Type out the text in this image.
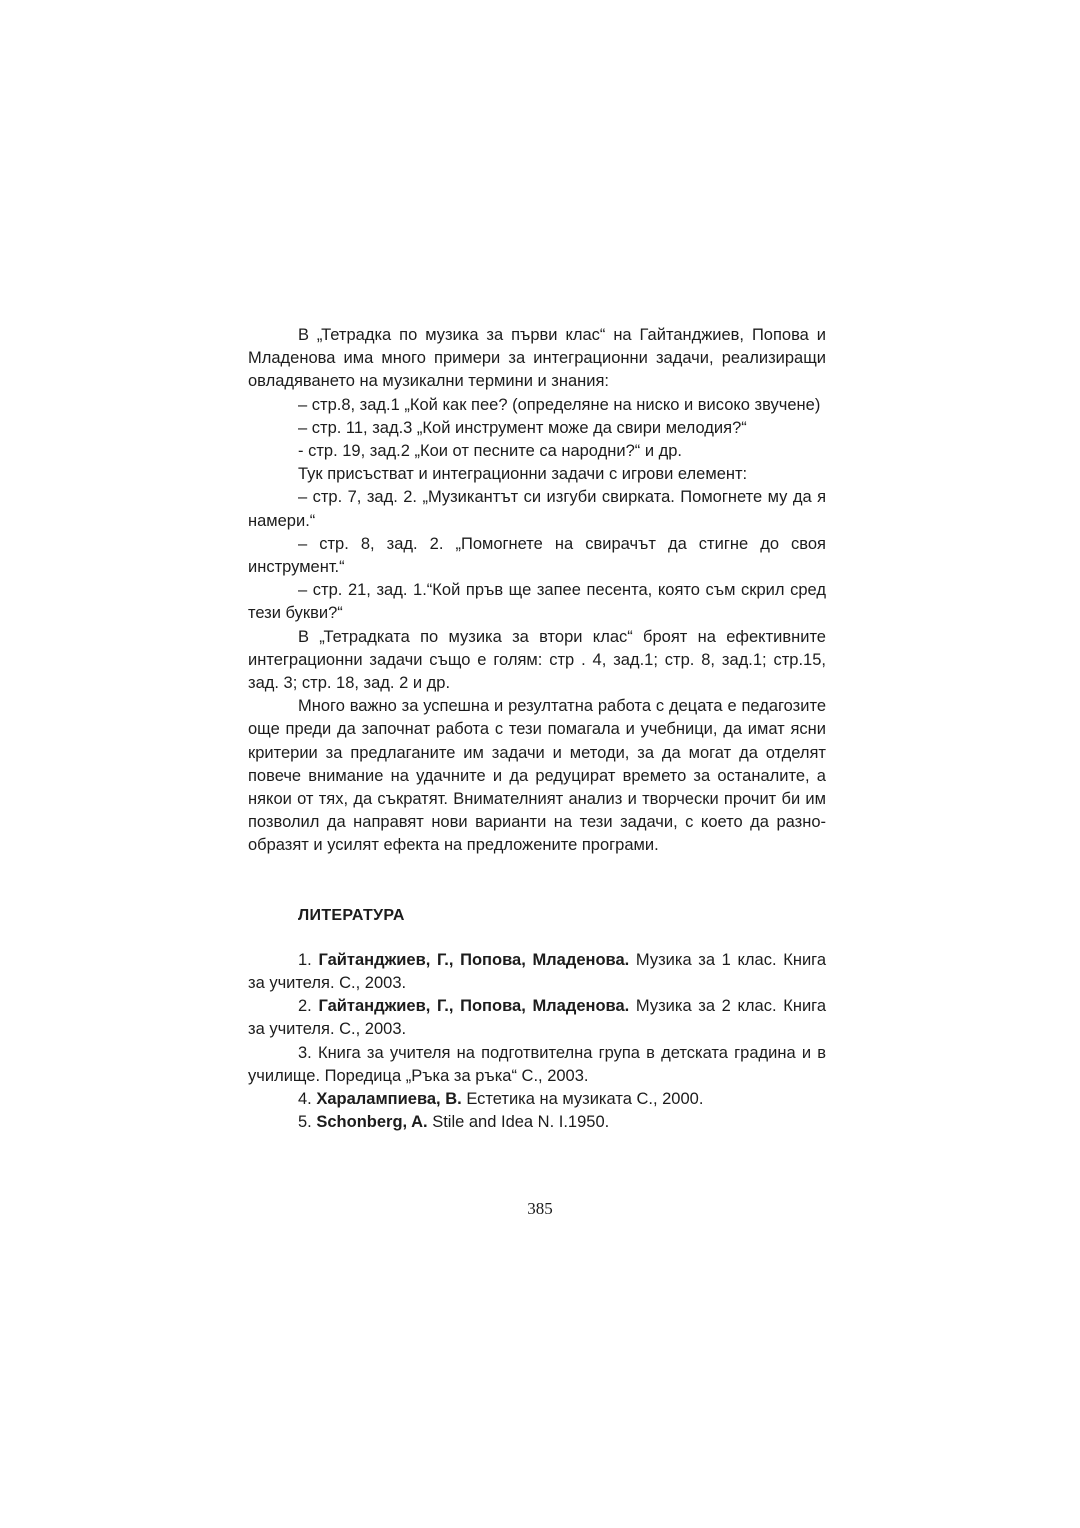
В „Тетрадка по музика за първи клас“ на Гайтанджиев, Попова и Младенова има много примери за интеграционни задачи, реализиращи овладяването на музикални термини и знания:

– стр.8, зад.1 „Кой как пее? (определяне на ниско и високо звучене)

– стр. 11, зад.3 „Кой инструмент може да свири мелодия?“

- стр. 19, зад.2 „Кои от песните са народни?“ и др.

Тук присъстват и интеграционни задачи с игрови елемент:

– стр. 7, зад. 2. „Музикантът си изгуби свирката. Помогнете му да я намери.“

– стр. 8, зад. 2. „Помогнете на свирачът да стигне до своя инструмент.“

– стр. 21, зад. 1.“Кой пръв ще запее песента, която съм скрил сред тези букви?“

В „Тетрадката по музика за втори клас“ броят на ефективните интеграционни задачи също е голям: стр . 4, зад.1; стр. 8, зад.1; стр.15, зад. 3; стр. 18, зад. 2 и др.

Много важно за успешна и резултатна работа с децата е педагозите още преди да започнат работа с тези помагала и учебници, да имат ясни критерии за предлаганите им задачи и методи, за да могат да отделят повече внимание на удачните и да редуцират времето за останалите, а някои от тях, да съкратят. Внимателният анализ и творчески прочит би им позволил да направят нови варианти на тези задачи, с което да разно-образят и усилят ефекта на предложените програми.

ЛИТЕРАТУРА

1. Гайтанджиев, Г., Попова, Младенова. Музика за 1 клас. Книга за учителя. С., 2003.

2. Гайтанджиев, Г., Попова, Младенова. Музика за 2 клас. Книга за учителя. С., 2003.

3. Книга за учителя на подготвителна група в детската градина и в училище. Поредица „Ръка за ръка“ С., 2003.

4. Харалампиева, В. Естетика на музиката С., 2000.

5. Schonberg, A. Stile and Idea N. I.1950.

385
